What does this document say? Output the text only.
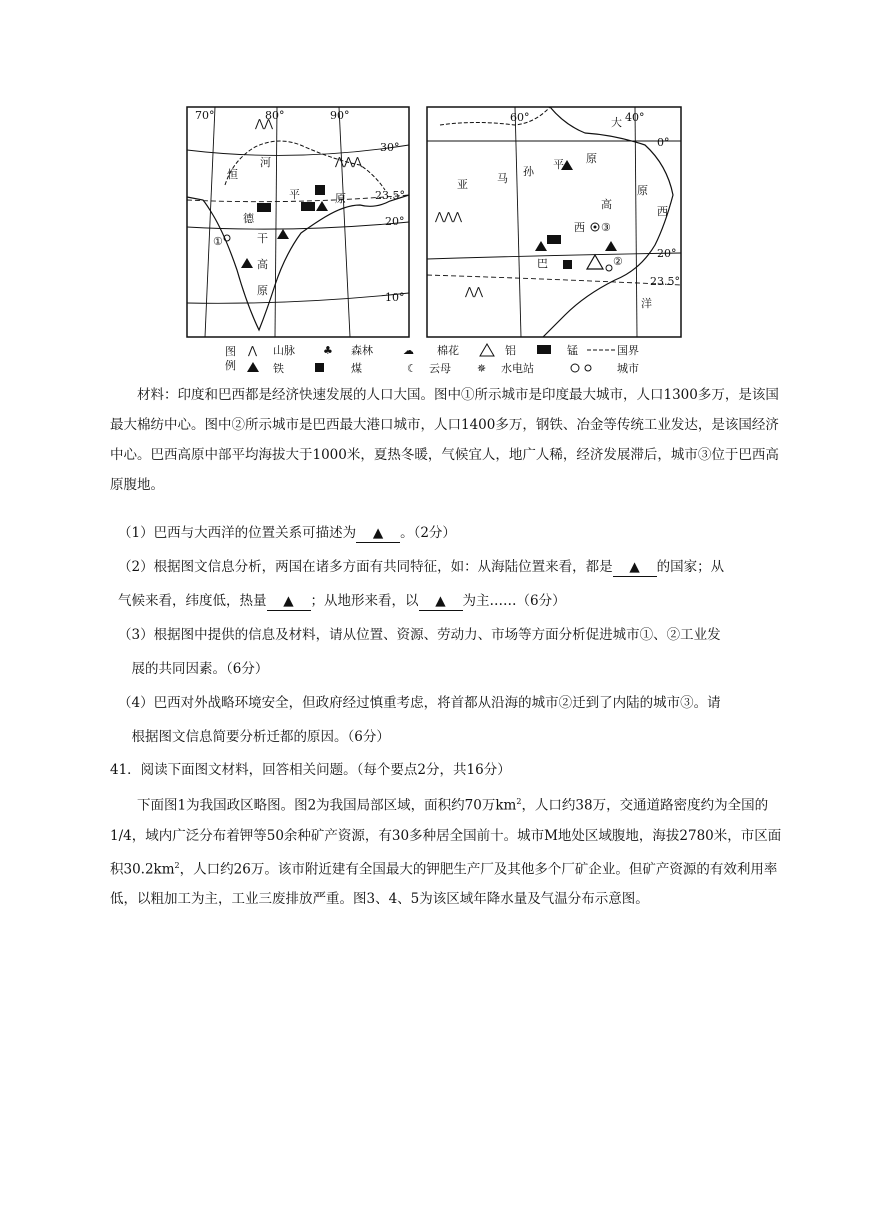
⋀⋀
⋀⋀⋀
70°	80°	90°
30°
23.5°
20°
10°
恒
河
平	原
德
干
高
原
①
⋀⋀⋀
⋀⋀
60°	40°
0°
20°
23.5°
大
西
洋
亚	马
孙
平 原
原
西
高
巴
③
②
图
例
⋀ 山脉	♣ 森林	☁ 棉花	铝	锰	国界
铁	煤	☾ 云母 ✵ 水电站	城市
材料：印度和巴西都是经济快速发展的人口大国。图中①所示城市是印度最大城市，人口1300多万，是该国最大棉纺中心。图中②所示城市是巴西最大港口城市，人口1400多万，钢铁、冶金等传统工业发达，是该国经济中心。巴西高原中部平均海拔大于1000米，夏热冬暖，气候宜人，地广人稀，经济发展滞后，城市③位于巴西高原腹地。
（1）巴西与大西洋的位置关系可描述为 ▲ 。（2分）
（2）根据图文信息分析，两国在诸多方面有共同特征，如：从海陆位置来看，都是 ▲ 的国家；从
气候来看，纬度低，热量 ▲ ；从地形来看，以 ▲ 为主……（6分）
（3）根据图中提供的信息及材料，请从位置、资源、劳动力、市场等方面分析促进城市①、②工业发
展的共同因素。（6分）
（4）巴西对外战略环境安全，但政府经过慎重考虑，将首都从沿海的城市②迁到了内陆的城市③。请
根据图文信息简要分析迁都的原因。（6分）
41．阅读下面图文材料，回答相关问题。（每个要点2分，共16分）
下面图1为我国政区略图。图2为我国局部区域，面积约70万$km^2$，人口约38万，交通道路密度约为全国的1/4，域内广泛分布着钾等50余种矿产资源，有30多种居全国前十。城市M地处区域腹地，海拔2780米，市区面积$30.2km^2$，人口约26万。该市附近建有全国最大的钾肥生产厂及其他多个厂矿企业。但矿产资源的有效利用率低，以粗加工为主，工业三废排放严重。图3、4、5为该区域年降水量及气温分布示意图。
